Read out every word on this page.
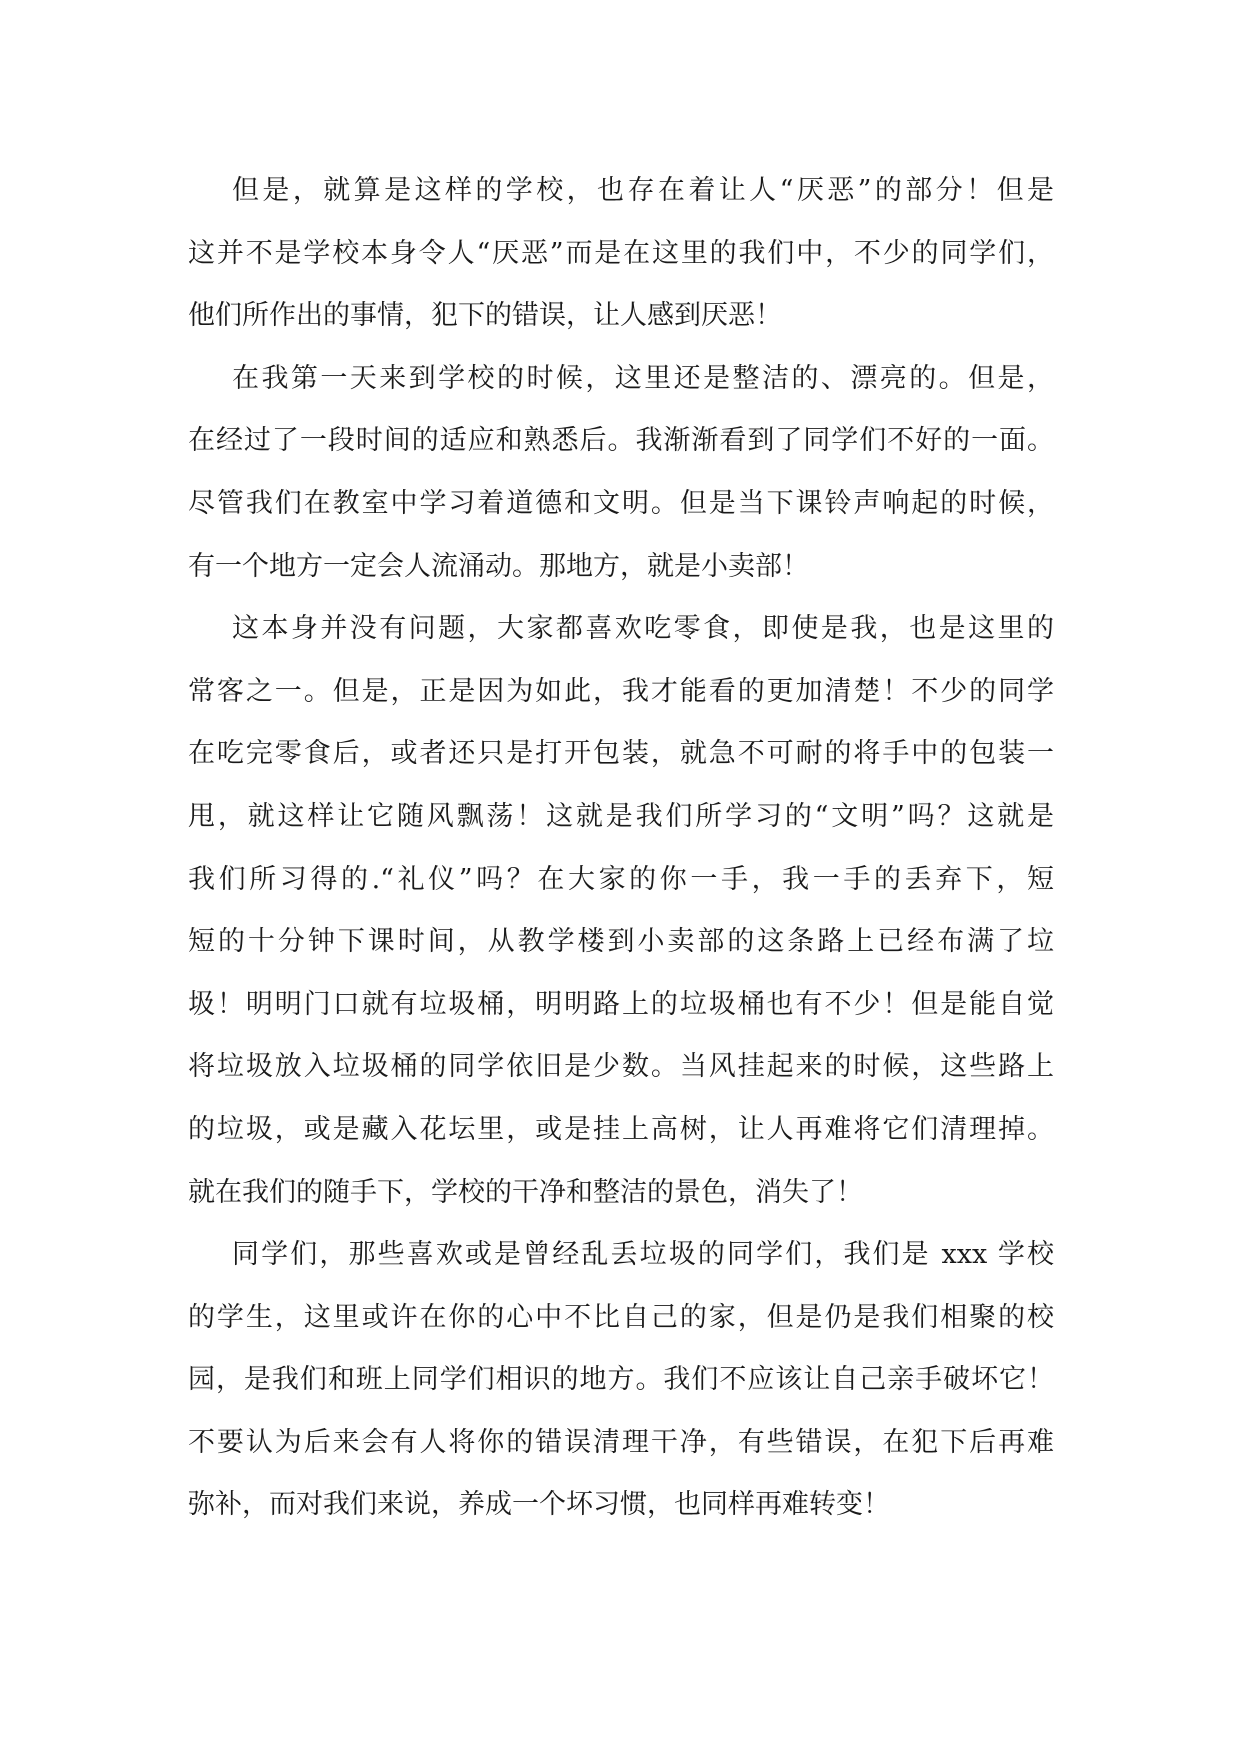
但是，就算是这样的学校，也存在着让人“厌恶”的部分！但是
这并不是学校本身令人“厌恶”而是在这里的我们中，不少的同学们，
他们所作出的事情，犯下的错误，让人感到厌恶！
在我第一天来到学校的时候，这里还是整洁的、漂亮的。但是，
在经过了一段时间的适应和熟悉后。我渐渐看到了同学们不好的一面。
尽管我们在教室中学习着道德和文明。但是当下课铃声响起的时候，
有一个地方一定会人流涌动。那地方，就是小卖部！
这本身并没有问题，大家都喜欢吃零食，即使是我，也是这里的
常客之一。但是，正是因为如此，我才能看的更加清楚！不少的同学
在吃完零食后，或者还只是打开包装，就急不可耐的将手中的包装一
甩，就这样让它随风飘荡！这就是我们所学习的“文明”吗？这就是
我们所习得的.“礼仪”吗？在大家的你一手，我一手的丢弃下，短
短的十分钟下课时间，从教学楼到小卖部的这条路上已经布满了垃
圾！明明门口就有垃圾桶，明明路上的垃圾桶也有不少！但是能自觉
将垃圾放入垃圾桶的同学依旧是少数。当风挂起来的时候，这些路上
的垃圾，或是藏入花坛里，或是挂上高树，让人再难将它们清理掉。
就在我们的随手下，学校的干净和整洁的景色，消失了！
同学们，那些喜欢或是曾经乱丢垃圾的同学们，我们是 xxx 学校
的学生，这里或许在你的心中不比自己的家，但是仍是我们相聚的校
园，是我们和班上同学们相识的地方。我们不应该让自己亲手破坏它！
不要认为后来会有人将你的错误清理干净，有些错误，在犯下后再难
弥补，而对我们来说，养成一个坏习惯，也同样再难转变！
